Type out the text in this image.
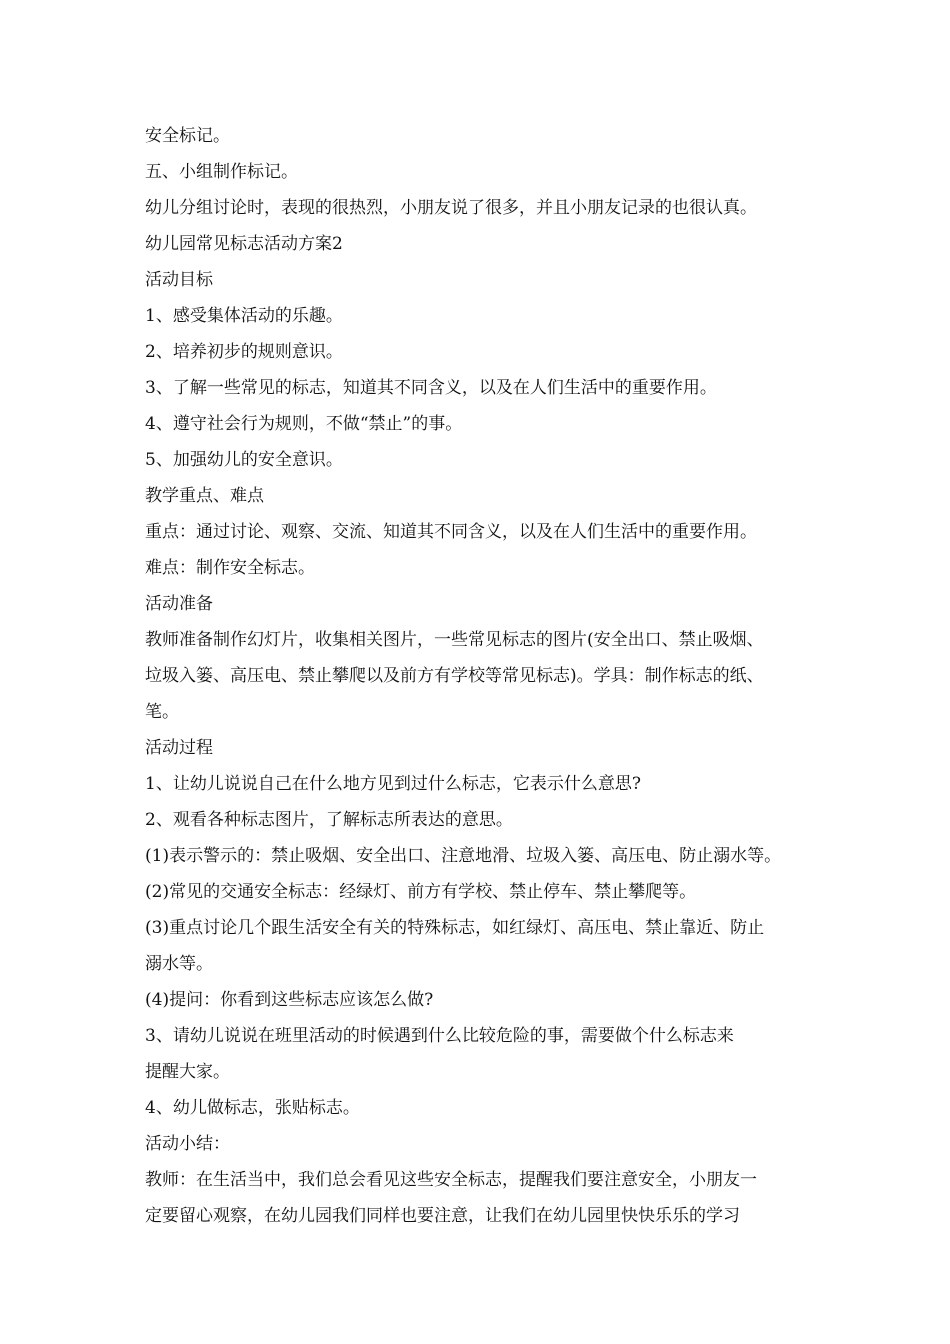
安全标记。
五、小组制作标记。
幼儿分组讨论时，表现的很热烈，小朋友说了很多，并且小朋友记录的也很认真。
幼儿园常见标志活动方案2
活动目标
1、感受集体活动的乐趣。
2、培养初步的规则意识。
3、了解一些常见的标志，知道其不同含义，以及在人们生活中的重要作用。
4、遵守社会行为规则，不做“禁止”的事。
5、加强幼儿的安全意识。
教学重点、难点
重点：通过讨论、观察、交流、知道其不同含义，以及在人们生活中的重要作用。
难点：制作安全标志。
活动准备
教师准备制作幻灯片，收集相关图片，一些常见标志的图片(安全出口、禁止吸烟、
垃圾入篓、高压电、禁止攀爬以及前方有学校等常见标志)。学具：制作标志的纸、
笔。
活动过程
1、让幼儿说说自己在什么地方见到过什么标志，它表示什么意思?
2、观看各种标志图片，了解标志所表达的意思。
(1)表示警示的：禁止吸烟、安全出口、注意地滑、垃圾入篓、高压电、防止溺水等。
(2)常见的交通安全标志：经绿灯、前方有学校、禁止停车、禁止攀爬等。
(3)重点讨论几个跟生活安全有关的特殊标志，如红绿灯、高压电、禁止靠近、防止
溺水等。
(4)提问：你看到这些标志应该怎么做?
3、请幼儿说说在班里活动的时候遇到什么比较危险的事，需要做个什么标志来
提醒大家。
4、幼儿做标志，张贴标志。
活动小结：
教师：在生活当中，我们总会看见这些安全标志，提醒我们要注意安全，小朋友一
定要留心观察，在幼儿园我们同样也要注意，让我们在幼儿园里快快乐乐的学习
